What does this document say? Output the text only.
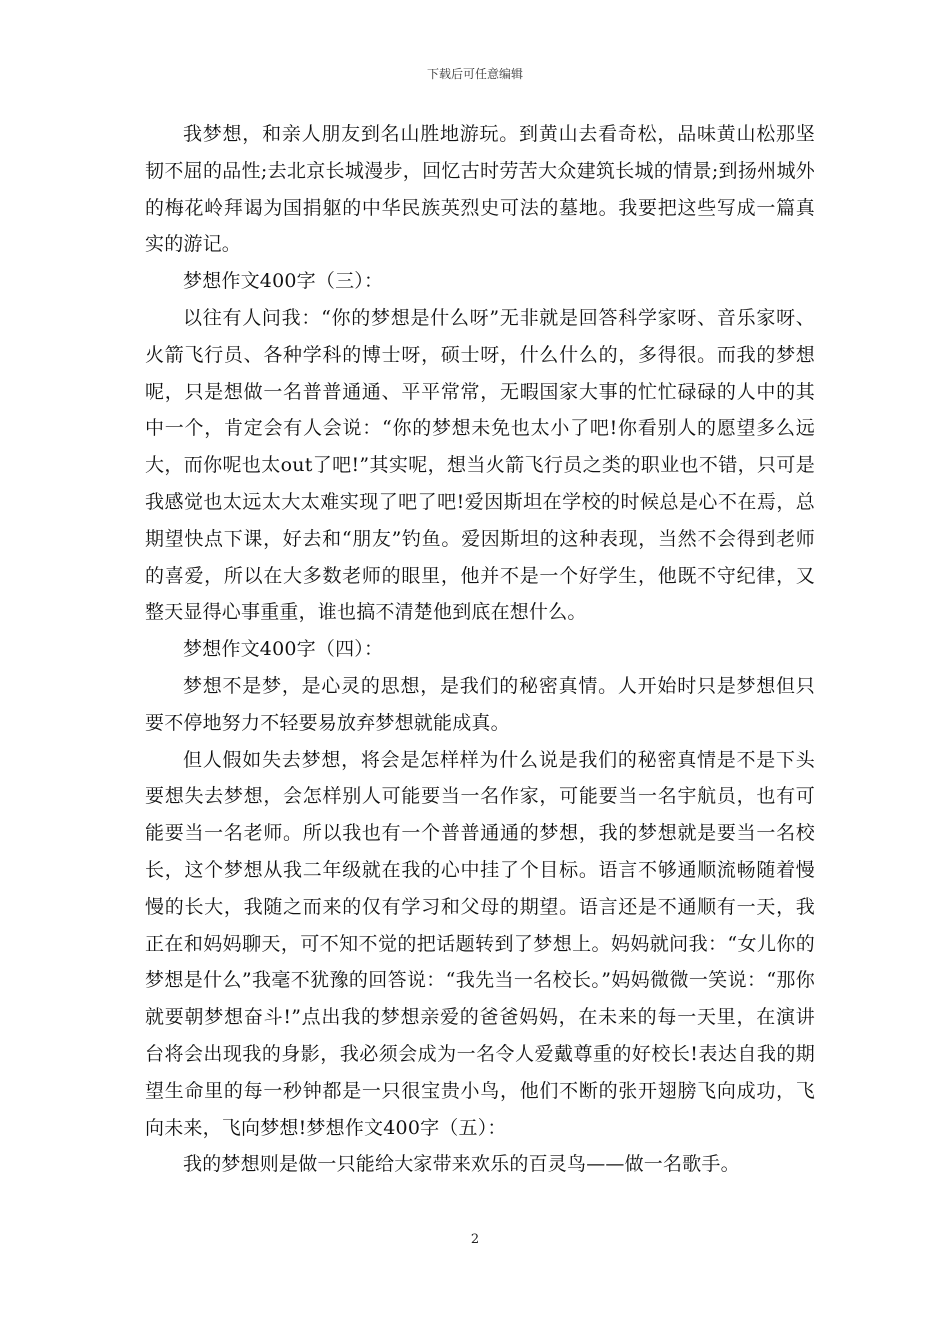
下载后可任意编辑

我梦想，和亲人朋友到名山胜地游玩。到黄山去看奇松，品味黄山松那坚韧不屈的品性;去北京长城漫步，回忆古时劳苦大众建筑长城的情景;到扬州城外的梅花岭拜谒为国捐躯的中华民族英烈史可法的墓地。我要把这些写成一篇真实的游记。

梦想作文400字（三）：

以往有人问我：“你的梦想是什么呀”无非就是回答科学家呀、音乐家呀、火箭飞行员、各种学科的博士呀，硕士呀，什么什么的，多得很。而我的梦想呢，只是想做一名普普通通、平平常常，无暇国家大事的忙忙碌碌的人中的其中一个，肯定会有人会说：“你的梦想未免也太小了吧!你看别人的愿望多么远大，而你呢也太out了吧!”其实呢，想当火箭飞行员之类的职业也不错，只可是我感觉也太远太大太难实现了吧了吧!爱因斯坦在学校的时候总是心不在焉，总期望快点下课，好去和“朋友”钓鱼。爱因斯坦的这种表现，当然不会得到老师的喜爱，所以在大多数老师的眼里，他并不是一个好学生，他既不守纪律，又整天显得心事重重，谁也搞不清楚他到底在想什么。

梦想作文400字（四）：

梦想不是梦，是心灵的思想，是我们的秘密真情。人开始时只是梦想但只要不停地努力不轻要易放弃梦想就能成真。

但人假如失去梦想，将会是怎样样为什么说是我们的秘密真情是不是下头要想失去梦想，会怎样别人可能要当一名作家，可能要当一名宇航员，也有可能要当一名老师。所以我也有一个普普通通的梦想，我的梦想就是要当一名校长，这个梦想从我二年级就在我的心中挂了个目标。语言不够通顺流畅随着慢慢的长大，我随之而来的仅有学习和父母的期望。语言还是不通顺有一天，我正在和妈妈聊天，可不知不觉的把话题转到了梦想上。妈妈就问我：“女儿你的梦想是什么”我毫不犹豫的回答说：“我先当一名校长。”妈妈微微一笑说：“那你就要朝梦想奋斗!”点出我的梦想亲爱的爸爸妈妈，在未来的每一天里，在演讲台将会出现我的身影，我必须会成为一名令人爱戴尊重的好校长!表达自我的期望生命里的每一秒钟都是一只很宝贵小鸟，他们不断的张开翅膀飞向成功，飞向未来，飞向梦想!梦想作文400字（五）：

我的梦想则是做一只能给大家带来欢乐的百灵鸟——做一名歌手。

2
